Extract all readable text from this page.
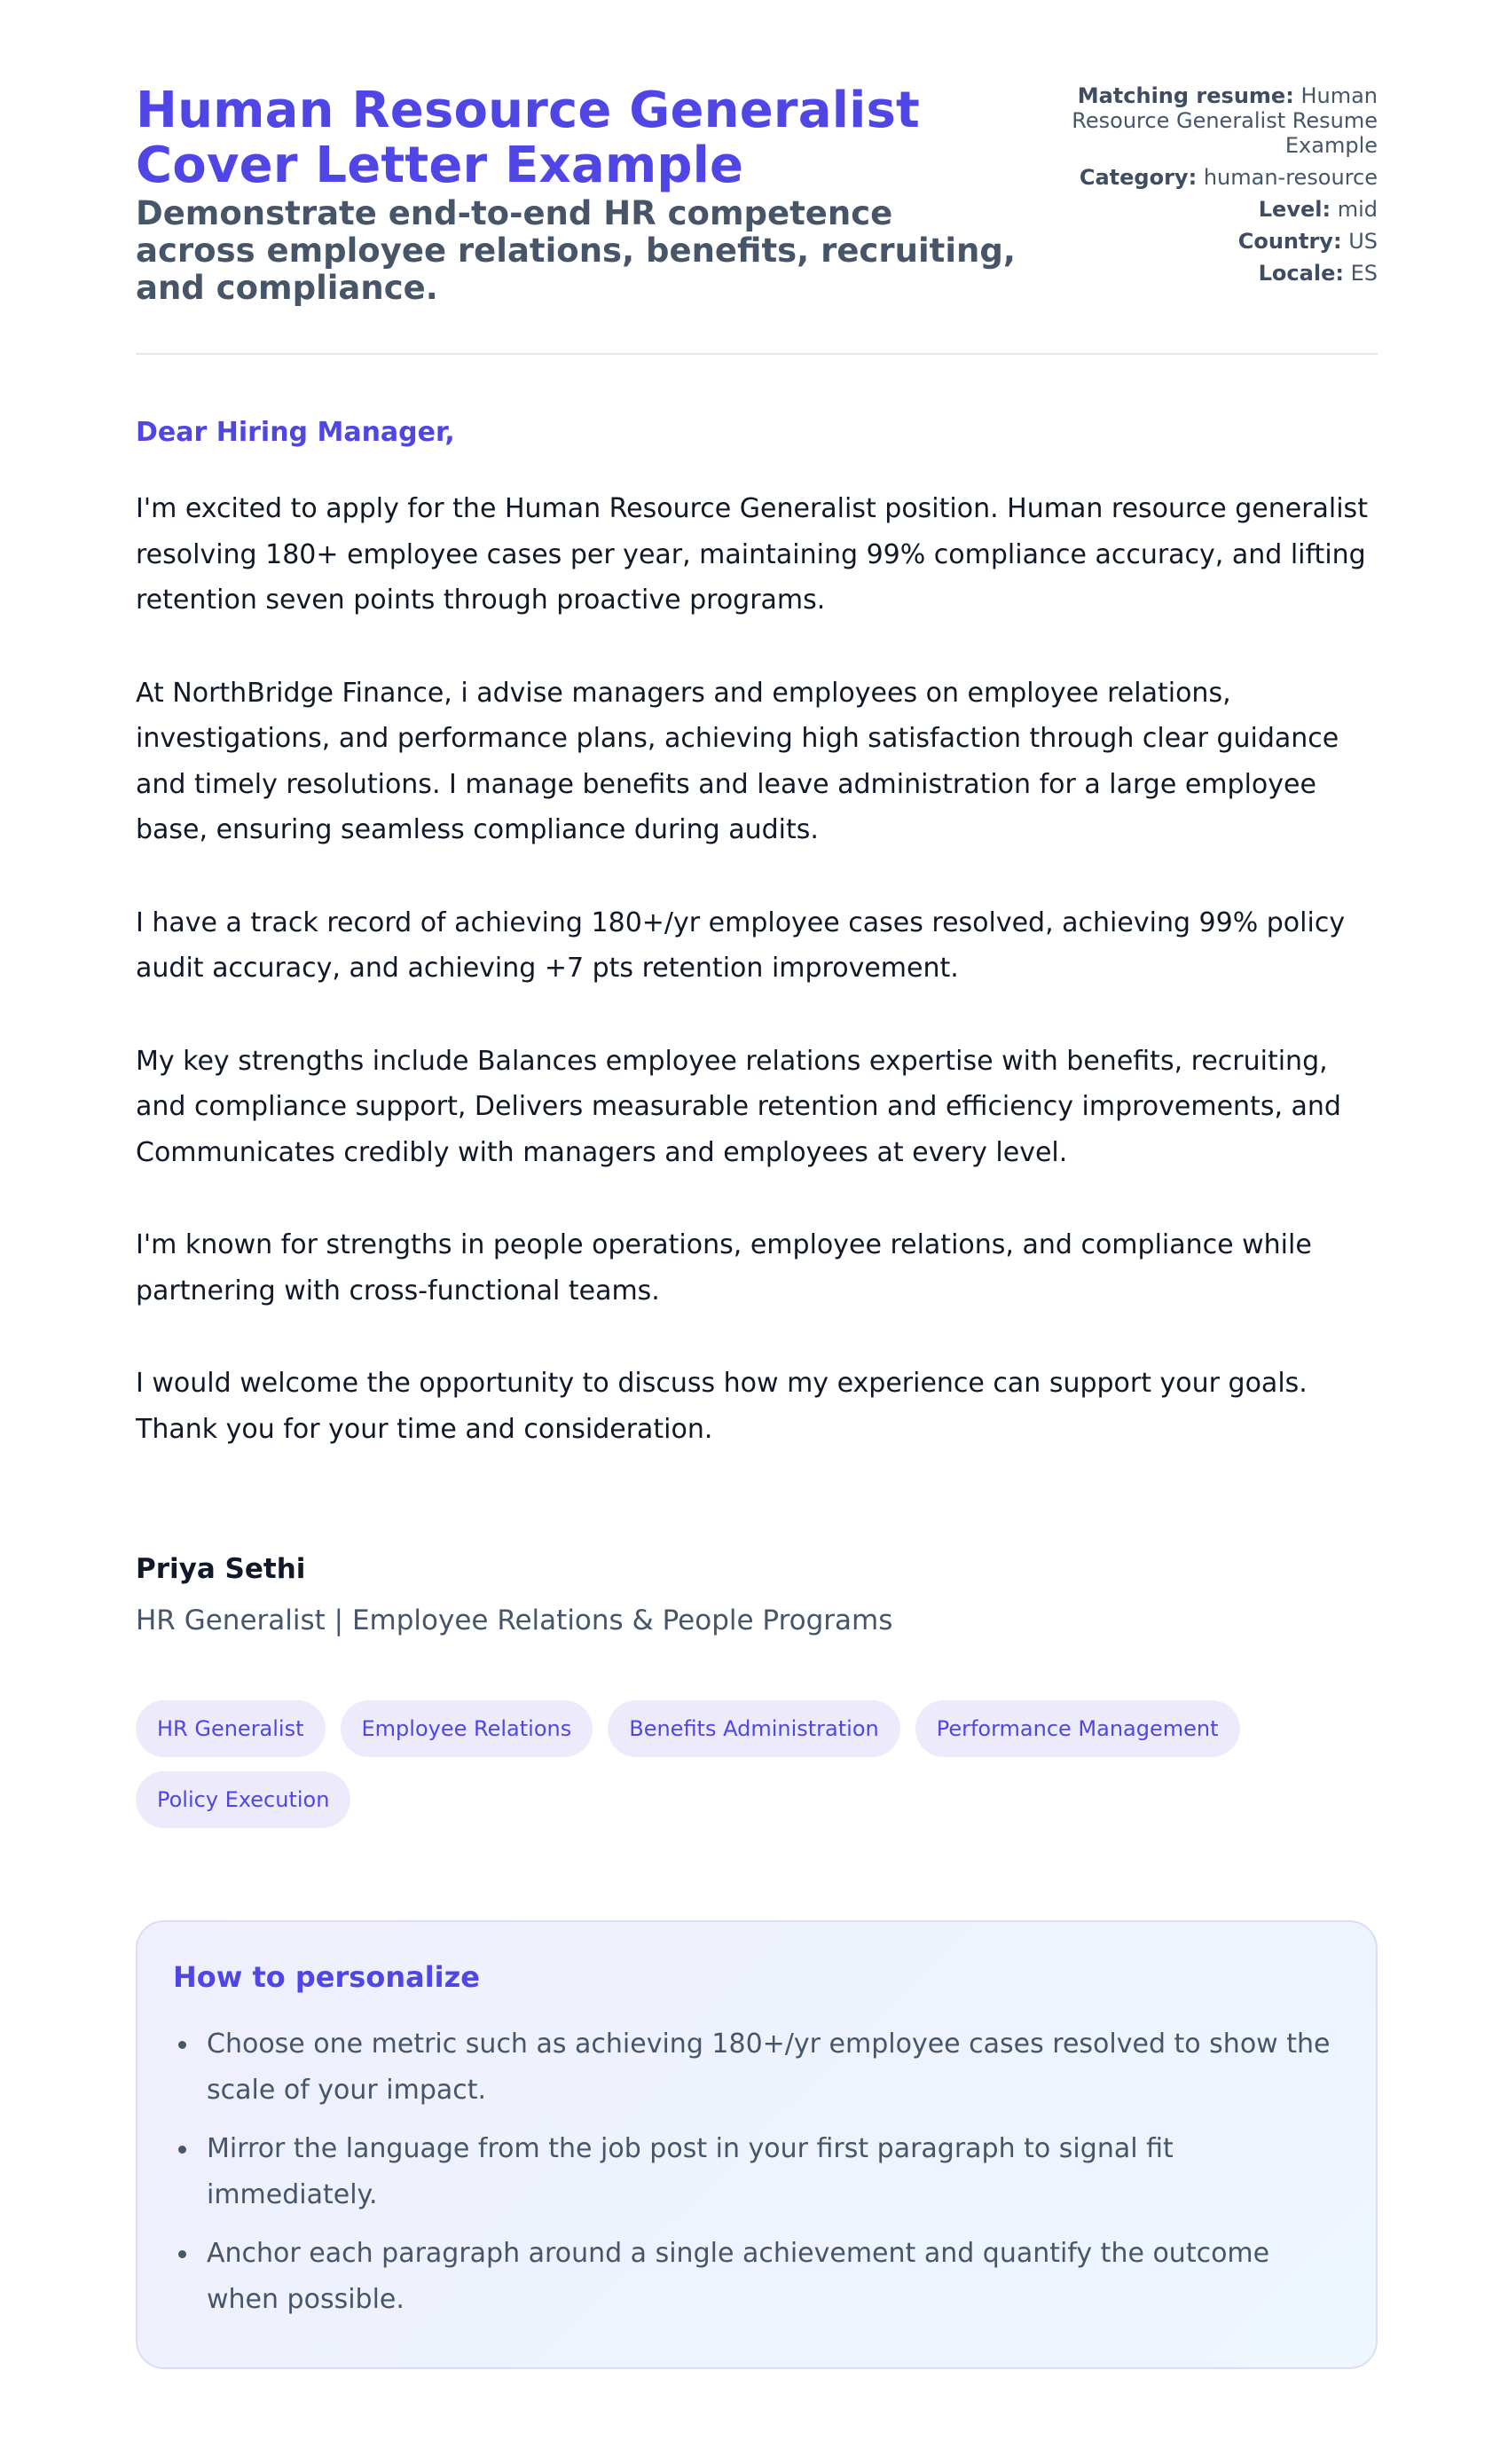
Human Resource Generalist Cover Letter Example
Demonstrate end-to-end HR competence across employee relations, benefits, recruiting, and compliance.
Matching resume: Human Resource Generalist Resume Example
Category: human-resource
Level: mid
Country: US
Locale: ES

Dear Hiring Manager,

I'm excited to apply for the Human Resource Generalist position. Human resource generalist resolving 180+ employee cases per year, maintaining 99% compliance accuracy, and lifting retention seven points through proactive programs.

At NorthBridge Finance, i advise managers and employees on employee relations, investigations, and performance plans, achieving high satisfaction through clear guidance and timely resolutions. I manage benefits and leave administration for a large employee base, ensuring seamless compliance during audits.

I have a track record of achieving 180+/yr employee cases resolved, achieving 99% policy audit accuracy, and achieving +7 pts retention improvement.

My key strengths include Balances employee relations expertise with benefits, recruiting, and compliance support, Delivers measurable retention and efficiency improvements, and Communicates credibly with managers and employees at every level.

I'm known for strengths in people operations, employee relations, and compliance while partnering with cross-functional teams.

I would welcome the opportunity to discuss how my experience can support your goals. Thank you for your time and consideration.

Priya Sethi
HR Generalist | Employee Relations & People Programs
HR Generalist	Employee Relations	Benefits Administration	Performance Management
Policy Execution
How to personalize
Choose one metric such as achieving 180+/yr employee cases resolved to show the scale of your impact.
Mirror the language from the job post in your first paragraph to signal fit immediately.
Anchor each paragraph around a single achievement and quantify the outcome when possible.
